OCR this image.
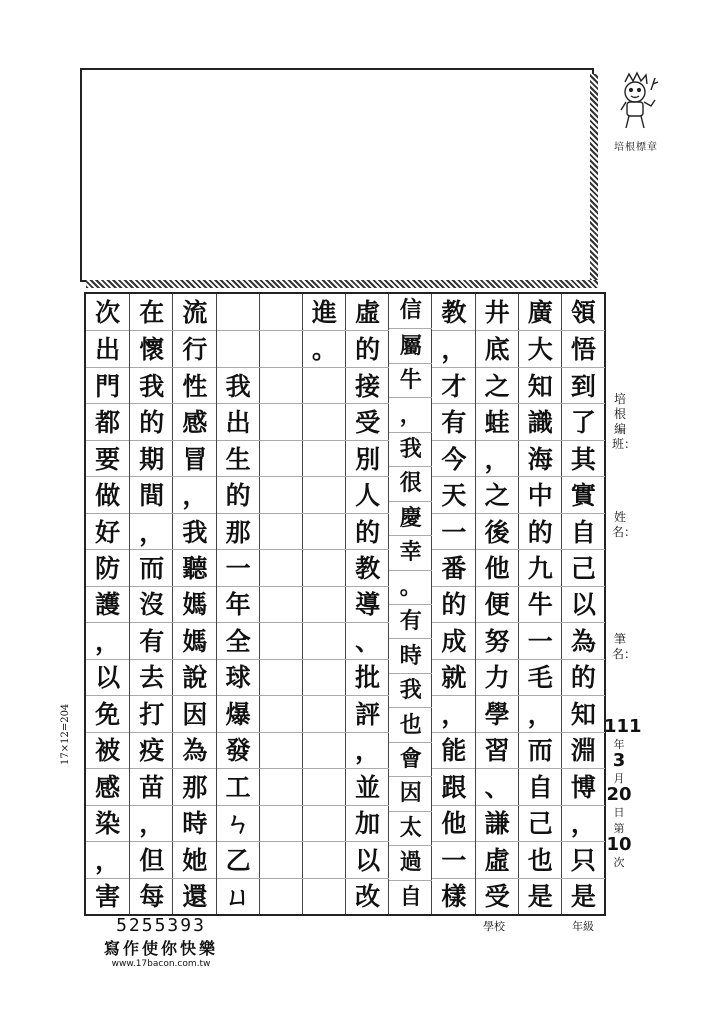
培根標章
培根編班：
姓名：
筆名：
111
年
3
月
20
日
第
10
次
領
悟
到
了
其
實
自
己
以
為
的
知
淵
博
，
只
是
廣
大
知
識
海
中
的
九
牛
一
毛
，
而
自
己
也
是
井
底
之
蛙
，
之
後
他
便
努
力
學
習
、
謙
虛
受
教
，
才
有
今
天
一
番
的
成
就
，
能
跟
他
一
樣
信
屬
牛
，
我
很
慶
幸
。
有
時
我
也
會
因
太
過
自
虛
的
接
受
別
人
的
教
導
、
批
評
，
並
加
以
改
進
。
我
出
生
的
那
一
年
全
球
爆
發
工
ㄣ
乙
ㄩ
流
行
性
感
冒
，
我
聽
媽
媽
說
因
為
那
時
她
還
在
懷
我
的
期
間
，
而
沒
有
去
打
疫
苗
，
但
每
次
出
門
都
要
做
好
防
護
，
以
免
被
感
染
，
害
17×12=204
學校	年級
5255393
寫作使你快樂
www.17bacon.com.tw
